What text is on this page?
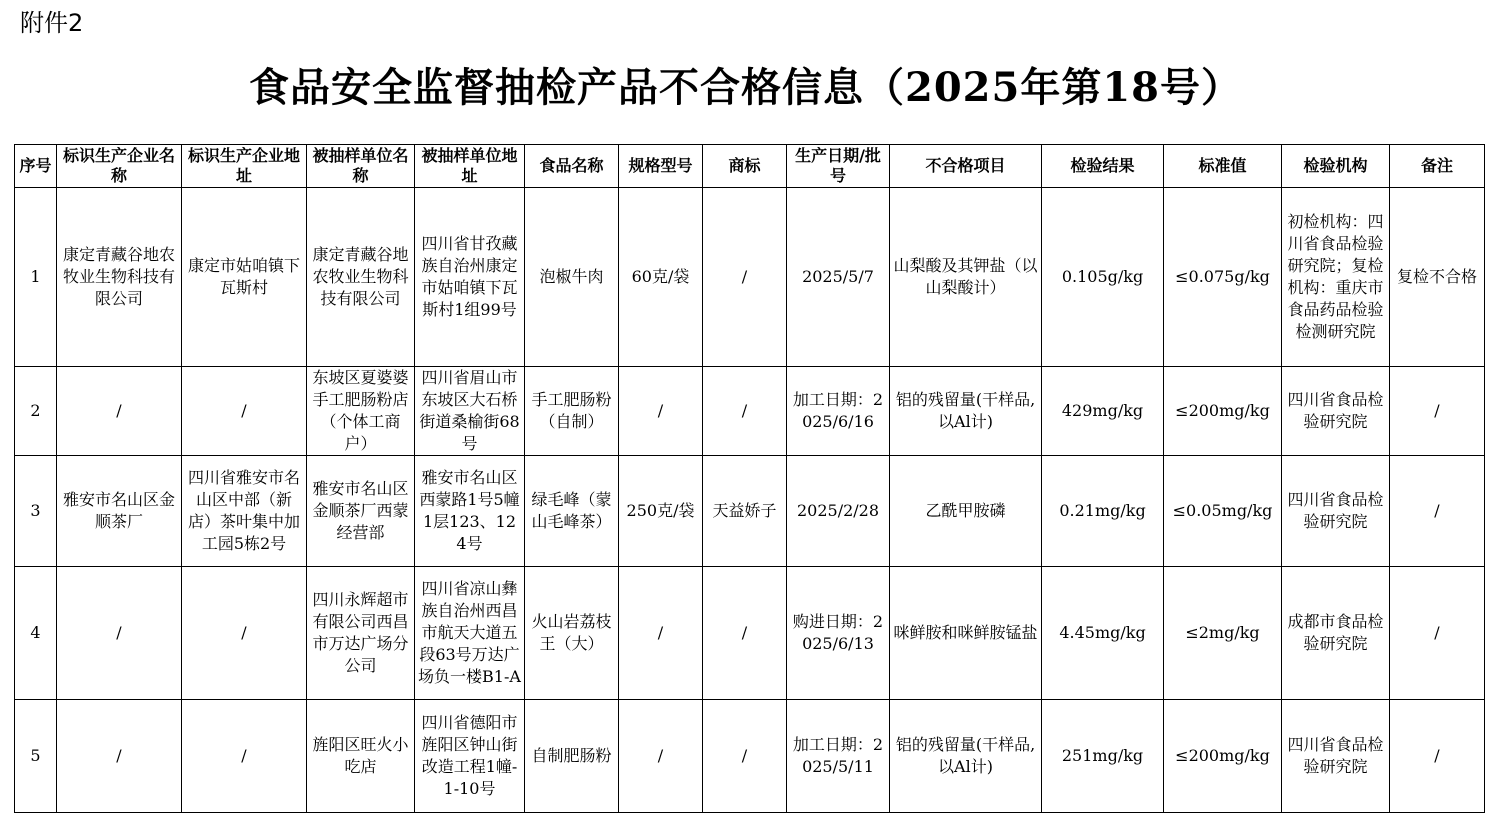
附件2
食品安全监督抽检产品不合格信息（2025年第18号）
序号	标识生产企业名称	标识生产企业地址	被抽样单位名称	被抽样单位地址	食品名称	规格型号	商标	生产日期/批号	不合格项目	检验结果	标准值	检验机构	备注
1	康定青藏谷地农牧业生物科技有限公司	康定市姑咱镇下瓦斯村	康定青藏谷地农牧业生物科技有限公司	四川省甘孜藏族自治州康定市姑咱镇下瓦斯村1组99号	泡椒牛肉	60克/袋	/	2025/5/7	山梨酸及其钾盐（以山梨酸计）	0.105g/kg	≤0.075g/kg	初检机构：四川省食品检验研究院；复检机构：重庆市食品药品检验检测研究院	复检不合格
2	/	/	东坡区夏婆婆手工肥肠粉店（个体工商户）	四川省眉山市东坡区大石桥街道桑榆街68号	手工肥肠粉（自制）	/	/	加工日期：2025/6/16	铝的残留量(干样品,以Al计)	429mg/kg	≤200mg/kg	四川省食品检验研究院	/
3	雅安市名山区金顺茶厂	四川省雅安市名山区中部（新店）茶叶集中加工园5栋2号	雅安市名山区金顺茶厂西蒙经营部	雅安市名山区西蒙路1号5幢1层123、124号	绿毛峰（蒙山毛峰茶）	250克/袋	天益娇子	2025/2/28	乙酰甲胺磷	0.21mg/kg	≤0.05mg/kg	四川省食品检验研究院	/
4	/	/	四川永辉超市有限公司西昌市万达广场分公司	四川省凉山彝族自治州西昌市航天大道五段63号万达广场负一楼B1-A	火山岩荔枝王（大）	/	/	购进日期：2025/6/13	咪鲜胺和咪鲜胺锰盐	4.45mg/kg	≤2mg/kg	成都市食品检验研究院	/
5	/	/	旌阳区旺火小吃店	四川省德阳市旌阳区钟山街改造工程1幢-1-10号	自制肥肠粉	/	/	加工日期：2025/5/11	铝的残留量(干样品,以Al计)	251mg/kg	≤200mg/kg	四川省食品检验研究院	/
